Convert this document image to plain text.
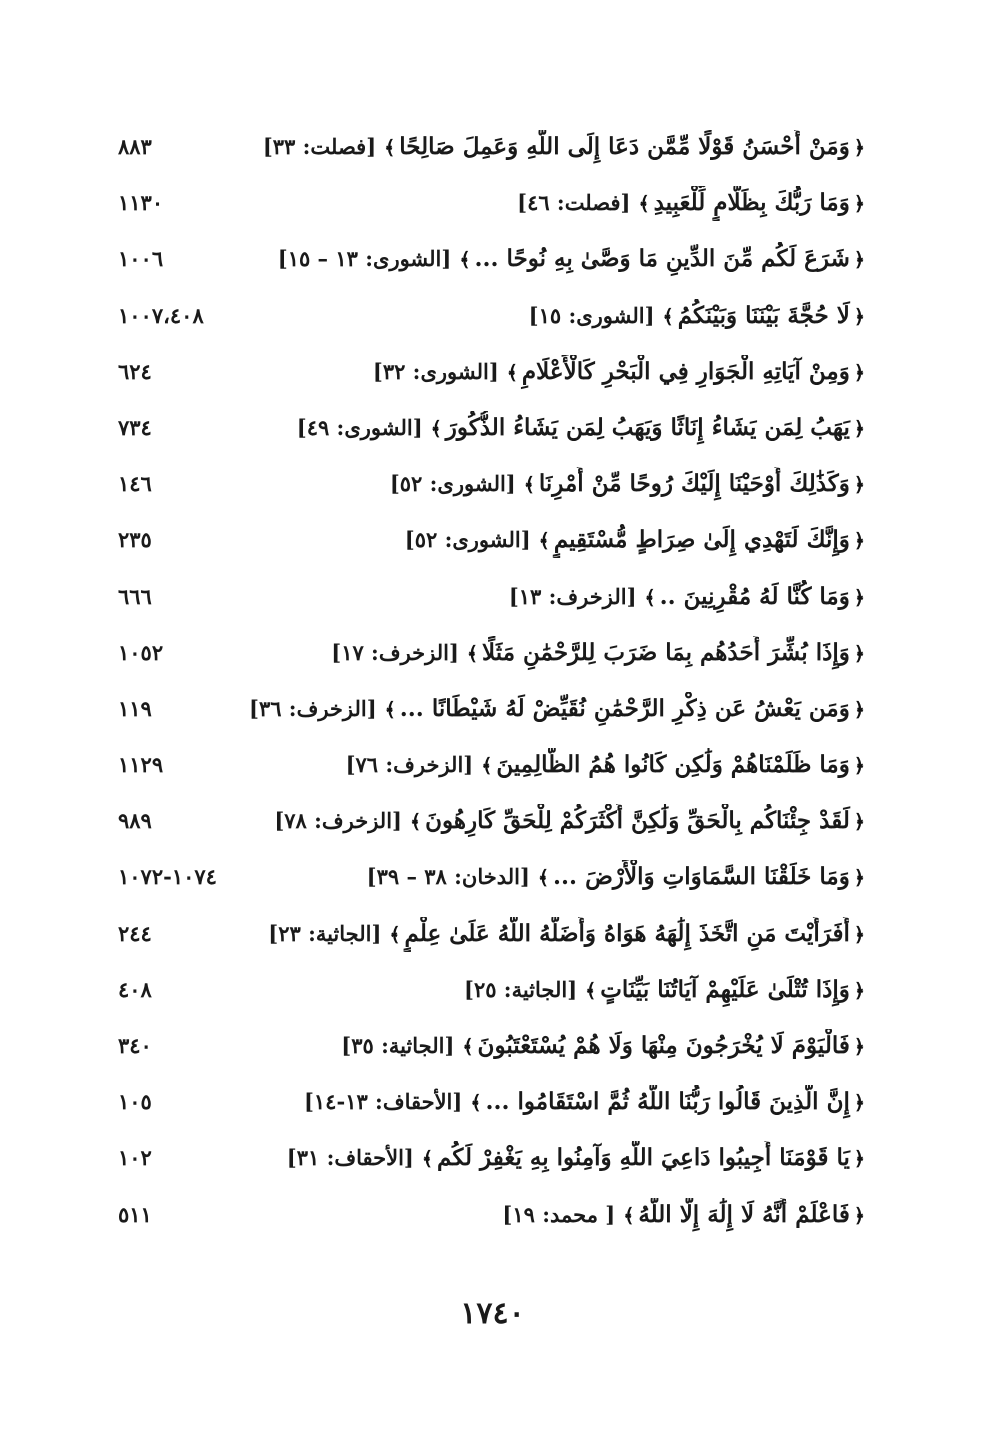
﴿وَمَنْ أَحْسَنُ قَوْلًا مِّمَّن دَعَا إِلَى اللَّهِ وَعَمِلَ صَالِحًا﴾[فصلت: ٣٣]
٨٨٣
﴿وَمَا رَبُّكَ بِظَلَّامٍ لِّلْعَبِيدِ﴾[فصلت: ٤٦]
١١٣٠
﴿شَرَعَ لَكُم مِّنَ الدِّينِ مَا وَصَّىٰ بِهِ نُوحًا ...﴾[الشورى: ١٣ – ١٥]
١٠٠٦
﴿لَا حُجَّةَ بَيْنَنَا وَبَيْنَكُمُ﴾[الشورى: ١٥]
١٠٠٧،٤٠٨
﴿وَمِنْ آيَاتِهِ الْجَوَارِ فِي الْبَحْرِ كَالْأَعْلَامِ﴾[الشورى: ٣٢]
٦٢٤
﴿يَهَبُ لِمَن يَشَاءُ إِنَاثًا وَيَهَبُ لِمَن يَشَاءُ الذُّكُورَ﴾[الشورى: ٤٩]
٧٣٤
﴿وَكَذَٰلِكَ أَوْحَيْنَا إِلَيْكَ رُوحًا مِّنْ أَمْرِنَا﴾[الشورى: ٥٢]
١٤٦
﴿وَإِنَّكَ لَتَهْدِي إِلَىٰ صِرَاطٍ مُّسْتَقِيمٍ﴾[الشورى: ٥٢]
٢٣٥
﴿وَمَا كُنَّا لَهُ مُقْرِنِينَ ..﴾[الزخرف: ١٣]
٦٦٦
﴿وَإِذَا بُشِّرَ أَحَدُهُم بِمَا ضَرَبَ لِلرَّحْمَٰنِ مَثَلًا﴾[الزخرف: ١٧]
١٠٥٢
﴿وَمَن يَعْشُ عَن ذِكْرِ الرَّحْمَٰنِ نُقَيِّضْ لَهُ شَيْطَانًا ...﴾[الزخرف: ٣٦]
١١٩
﴿وَمَا ظَلَمْنَاهُمْ وَلَٰكِن كَانُوا هُمُ الظَّالِمِينَ﴾[الزخرف: ٧٦]
١١٢٩
﴿لَقَدْ جِئْنَاكُم بِالْحَقِّ وَلَٰكِنَّ أَكْثَرَكُمْ لِلْحَقِّ كَارِهُونَ﴾[الزخرف: ٧٨]
٩٨٩
﴿وَمَا خَلَقْنَا السَّمَاوَاتِ وَالْأَرْضَ ...﴾[الدخان: ٣٨ – ٣٩]
١٠٧٤-١٠٧٢
﴿أَفَرَأَيْتَ مَنِ اتَّخَذَ إِلَٰهَهُ هَوَاهُ وَأَضَلَّهُ اللَّهُ عَلَىٰ عِلْمٍ﴾[الجاثية: ٢٣]
٢٤٤
﴿وَإِذَا تُتْلَىٰ عَلَيْهِمْ آيَاتُنَا بَيِّنَاتٍ﴾[الجاثية: ٢٥]
٤٠٨
﴿فَالْيَوْمَ لَا يُخْرَجُونَ مِنْهَا وَلَا هُمْ يُسْتَعْتَبُونَ﴾[الجاثية: ٣٥]
٣٤٠
﴿إِنَّ الَّذِينَ قَالُوا رَبُّنَا اللَّهُ ثُمَّ اسْتَقَامُوا ...﴾[الأحقاف: ١٣-١٤]
١٠٥
﴿يَا قَوْمَنَا أَجِيبُوا دَاعِيَ اللَّهِ وَآمِنُوا بِهِ يَغْفِرْ لَكُم﴾[الأحقاف: ٣١]
١٠٢
﴿فَاعْلَمْ أَنَّهُ لَا إِلَٰهَ إِلَّا اللَّهُ﴾[ محمد: ١٩]
٥١١
١٧٤٠
